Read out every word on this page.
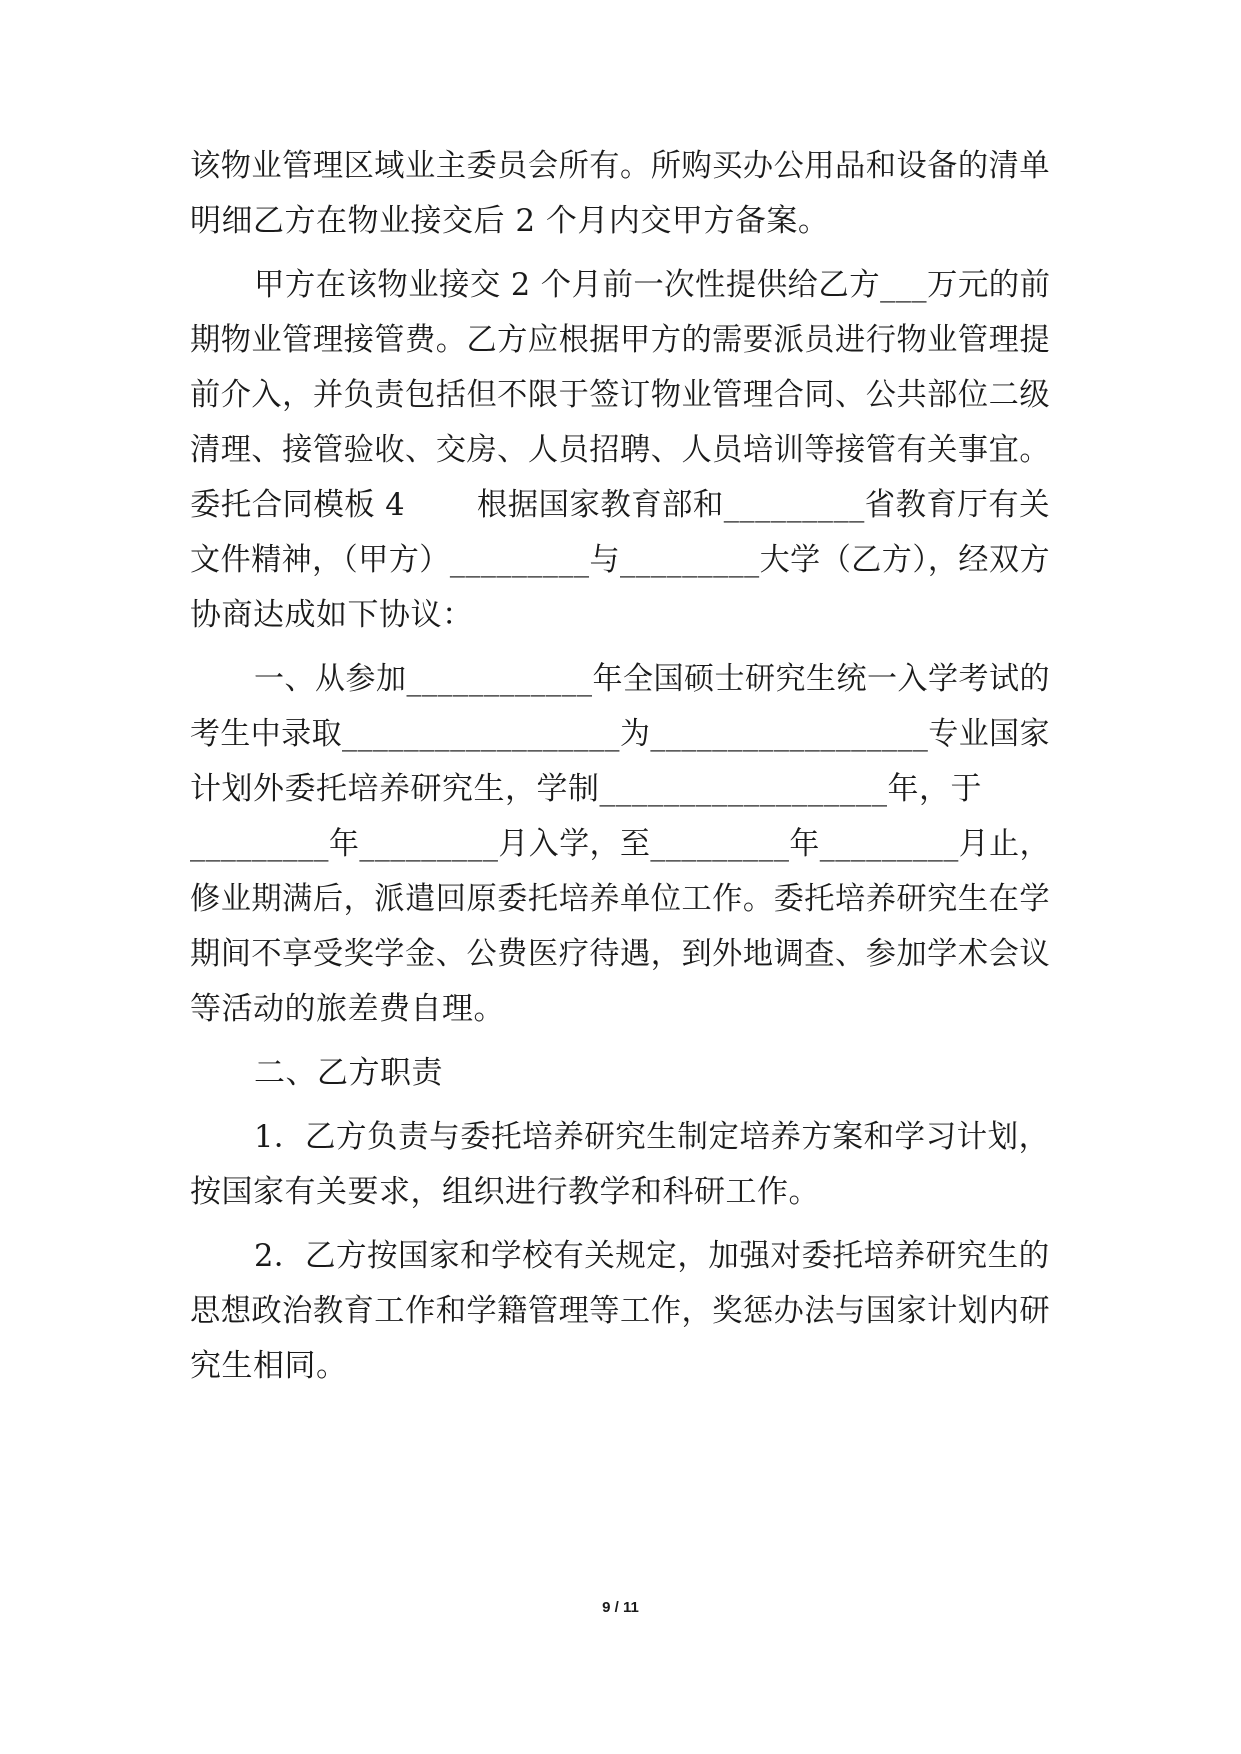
该物业管理区域业主委员会所有。所购买办公用品和设备的清单
明细乙方在物业接交后 2 个月内交甲方备案。
甲方在该物业接交 2 个月前一次性提供给乙方___万元的前
期物业管理接管费。乙方应根据甲方的需要派员进行物业管理提
前介入，并负责包括但不限于签订物业管理合同、公共部位二级
清理、接管验收、交房、人员招聘、人员培训等接管有关事宜。
委托合同模板 4　　 根据国家教育部和_________省教育厅有关
文件精神，（甲方）_________与_________大学（乙方），经双方
协商达成如下协议：
一、从参加____________年全国硕士研究生统一入学考试的
考生中录取__________________为__________________专业国家
计划外委托培养研究生，学制__________________年，于
_________年_________月入学，至_________年_________月止，
修业期满后，派遣回原委托培养单位工作。委托培养研究生在学
期间不享受奖学金、公费医疗待遇，到外地调查、参加学术会议
等活动的旅差费自理。
二、乙方职责
1．乙方负责与委托培养研究生制定培养方案和学习计划，
按国家有关要求，组织进行教学和科研工作。
2．乙方按国家和学校有关规定，加强对委托培养研究生的
思想政治教育工作和学籍管理等工作，奖惩办法与国家计划内研
究生相同。
9 / 11
